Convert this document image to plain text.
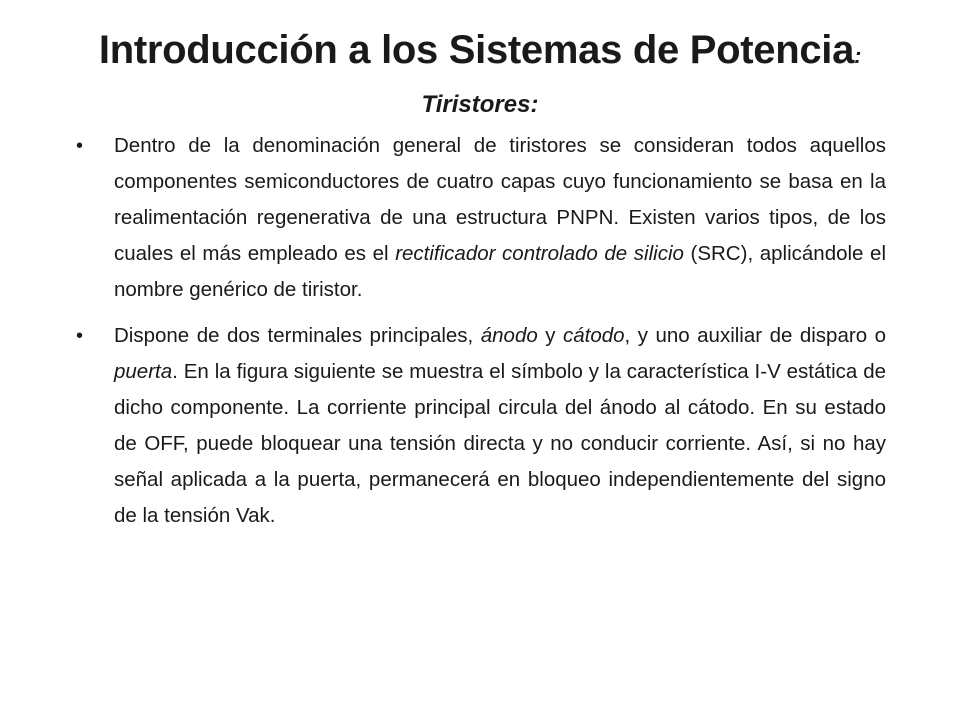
Introducción a los Sistemas de Potencia:
Tiristores:

• Dentro de la denominación general de tiristores se consideran todos aquellos componentes semiconductores de cuatro capas cuyo funcionamiento se basa en la realimentación regenerativa de una estructura PNPN. Existen varios tipos, de los cuales el más empleado es el rectificador controlado de silicio (SRC), aplicándole el nombre genérico de tiristor.

• Dispone de dos terminales principales, ánodo y cátodo, y uno auxiliar de disparo o puerta. En la figura siguiente se muestra el símbolo y la característica I-V estática de dicho componente. La corriente principal circula del ánodo al cátodo. En su estado de OFF, puede bloquear una tensión directa y no conducir corriente. Así, si no hay señal aplicada a la puerta, permanecerá en bloqueo independientemente del signo de la tensión Vak.
